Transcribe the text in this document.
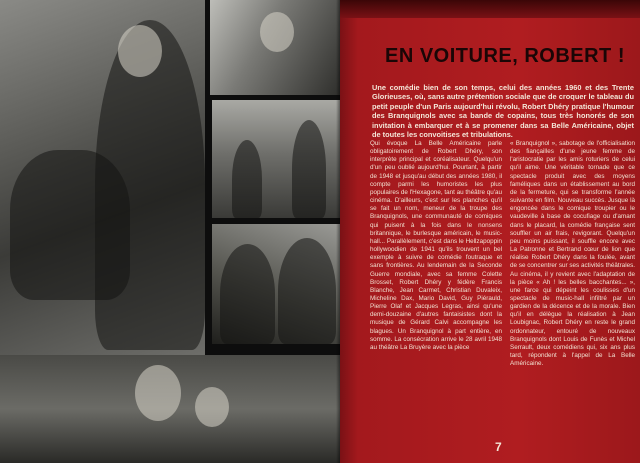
EN VOITURE, ROBERT !
Une comédie bien de son temps, celui des années 1960 et des Trente Glorieuses, où, sans autre prétention sociale que de croquer le tableau du petit peuple d'un Paris aujourd'hui révolu, Robert Dhéry pratique l'humour des Branquignols avec sa bande de copains, tous très honorés de son invitation à embarquer et à se promener dans sa Belle Américaine, objet de toutes les convoitises et tribulations.
Qui évoque La Belle Américaine parle obligatoirement de Robert Dhéry, son interprète principal et coréalisateur. Quelqu'un d'un peu oublié aujourd'hui. Pourtant, à partir de 1948 et jusqu'au début des années 1980, il compte parmi les humoristes les plus populaires de l'Hexagone, tant au théâtre qu'au cinéma. D'ailleurs, c'est sur les planches qu'il se fait un nom, meneur de la troupe des Branquignols, une communauté de comiques qui puisent à la fois dans le nonsens britannique, le burlesque américain, le music-hall... Parallèlement, c'est dans le Hellzapoppin hollywoodien de 1941 qu'ils trouvent un bel exemple à suivre de comédie foutraque et sans frontières. Au lendemain de la Seconde Guerre mondiale, avec sa femme Colette Brosset, Robert Dhéry y fédère Francis Blanche, Jean Carmet, Christian Duvaleix, Micheline Dax, Mario David, Guy Piérauld, Pierre Olaf et Jacques Legras, ainsi qu'une demi-douzaine d'autres fantaisistes dont la musique de Gérard Calvi accompagne les blagues. Un Branquignol à part entière, en somme. La consécration arrive le 28 avril 1948 au théâtre La Bruyère avec la pièce
« Branquignol », sabotage de l'officialisation des fiançailles d'une jeune femme de l'aristocratie par les amis roturiers de celui qu'il aime. Une véritable tornade que ce spectacle produit avec des moyens faméliques dans un établissement au bord de la fermeture, qui se transforme l'année suivante en film. Nouveau succès. Jusque là engoncée dans le comique troupier ou le vaudeville à base de cocufiage ou d'amant dans le placard, la comédie française sent souffler un air frais, revigorant. Quelqu'un peu moins puissant, il souffle encore avec La Patronne et Bertrand cœur de lion que réalise Robert Dhéry dans la foulée, avant de se concentrer sur ses activités théâtrales. Au cinéma, il y revient avec l'adaptation de la pièce « Ah ! les belles bacchantes... », une farce qui dépeint les coulisses d'un spectacle de music-hall infiltré par un gardien de la décence et de la morale. Bien qu'il en délègue la réalisation à Jean Loubignac, Robert Dhéry en reste le grand ordonnateur, entouré de nouveaux Branquignols dont Louis de Funès et Michel Serrault, deux comédiens qui, six ans plus tard, répondent à l'appel de La Belle Américaine.
7
